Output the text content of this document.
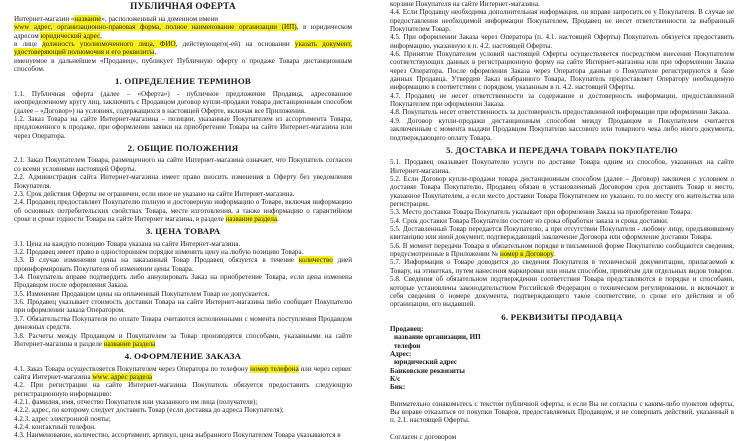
ПУБЛИЧНАЯ ОФЕРТА
Интернет-магазин «название», расположенный на доменном имени
www адрес, организационно-правовая форма, полное наименование организации (ИП), в юридическом адресом юридический адрес,
в лице должность уполномоченного лица, ФИО, действующего(-ей) на основании указать документ, удостоверяющий полномочия и его реквизиты,
именуемое в дальнейшем «Продавец», публикует Публичную оферту о продаже Товара дистанционным способом.
1. ОПРЕДЕЛЕНИЕ ТЕРМИНОВ
1.1. Публичная оферта (далее – «Оферта») - публичное предложение Продавца, адресованное неопределенному кругу лиц, заключить с Продавцом договор купли-продажи товара дистанционным способом (далее – «Договор») на условиях, содержащихся в настоящей Оферте, включая все Приложения.
1.2. Заказ Товара на сайте Интернет-магазина – позиции, указанные Покупателем из ассортимента Товара, предложенного к продаже, при оформлении заявки на приобретение Товара на сайте Интернет-магазина или через Оператора.
2. ОБЩИЕ ПОЛОЖЕНИЯ
2.1. Заказ Покупателем Товара, размещенного на сайте Интернет-магазина означает, что Покупатель согласен со всеми условиями настоящей Оферты.
2.2. Администрация сайта Интернет-магазина имеет право вносить изменения в Оферту без уведомления Покупателя.
2.3. Срок действия Оферты не ограничен, если иное не указано на сайте Интернет-магазина.
2.4. Продавец предоставляет Покупателю полную и достоверную информацию о Товаре, включая информацию об основных потребительских свойствах Товара, месте изготовления, а также информацию о гарантийном сроке и сроке годности Товара на сайте Интернет магазина, в разделе название раздела.
3. ЦЕНА ТОВАРА
3.1. Цена на каждую позицию Товара указана на сайте Интернет-магазина.
3.2. Продавец имеет право в одностороннем порядке изменить цену на любую позицию Товара.
3.3. В случае изменения цены на заказанный Товар Продавец обязуется в течение количество дней проинформировать Покупателя об изменении цены Товара.
3.4. Покупатель вправе подтвердить либо аннулировать Заказ на приобретение Товара, если цена изменена Продавцом после оформления Заказа.
3.5. Изменение Продавцом цены на оплаченный Покупателем Товар не допускается.
3.6. Продавец указывает стоимость доставки Товара на сайте Интернет-магазина либо сообщает Покупателю при оформлении заказа Оператором.
3.7. Обязательства Покупателя по оплате Товара считаются исполненными с момента поступления Продавцом денежных средств.
3.8. Расчеты между Продавцом и Покупателем за Товар производятся способами, указанными на сайте Интернет-магазина в разделе название раздела
4. ОФОРМЛЕНИЕ ЗАКАЗА
4.1. Заказ Товара осуществляется Покупателем через Оператора по телефону номер телефона или через сервис сайта Интернет-магазина www. адрес раздела
4.2. При регистрации на сайте Интернет-магазина Покупатель обязуется предоставить следующую регистрационную информацию:
4.2.1. фамилия, имя, отчество Покупателя или указанного им лица (получателя);
4.2.2. адрес, по которому следует доставить Товар (если доставка до адреса Покупателя);
4.2.3. адрес электронной почты;
4.2.4. контактный телефон.
4.3. Наименование, количество, ассортимент, артикул, цена выбранного Покупателем Товара указываются в
корзине Покупателя на сайте Интернет-магазина.
4.4. Если Продавцу необходима дополнительная информация, он вправе запросить ее у Покупателя. В случае не предоставления необходимой информации Покупателем, Продавец не несет ответственности за выбранный Покупателем Товар.
4.5. При оформлении Заказа через Оператора (п. 4.1. настоящей Оферты) Покупатель обязуется предоставить информацию, указанную в п. 4.2. настоящей Оферты.
4.6. Принятие Покупателем условий настоящей Оферты осуществляется посредством внесения Покупателем соответствующих данных в регистрационную форму на сайте Интернет-магазина или при оформлении Заказа через Оператора. После оформления Заказа через Оператора данные о Покупателе регистрируются в базе данных Продавца. Утвердив Заказ выбранного Товара, Покупатель предоставляет Оператору необходимую информацию в соответствии с порядком, указанным в п. 4.2. настоящей Оферты.
4.7. Продавец не несет ответственности за содержание и достоверность информации, предоставленной Покупателем при оформлении Заказа.
4.8. Покупатель несет ответственность за достоверность предоставленной информации при оформлении Заказа.
4.9. Договор купли-продажи дистанционным способом между Продавцом и Покупателем считается заключенным с момента выдачи Продавцом Покупателю кассового или товарного чека либо иного документа, подтверждающего оплату Товара.
5. ДОСТАВКА И ПЕРЕДАЧА ТОВАРА ПОКУПАТЕЛЮ
5.1. Продавец оказывает Покупателю услуги по доставке Товара одним из способов, указанных на сайте Интернет-магазина.
5.2. Если Договор купли-продажи товара дистанционным способом (далее – Договор) заключен с условием о доставке Товара Покупателю, Продавец обязан в установленный Договором срок доставить Товар в место, указанное Покупателем, а если место доставки Товара Покупателем не указано, то по месту его жительства или регистрации.
5.3. Место доставки Товара Покупатель указывает при оформлении Заказа на приобретение Товара.
5.4. Срок доставки Товара Покупателю состоит из срока обработки заказа и срока доставки.
5.5. Доставленный Товар передается Покупателю, а при отсутствии Покупателя - любому лицу, предъявившему квитанцию или иной документ, подтверждающий заключение Договора или оформление доставки Товара.
5.6. В момент передачи Товара в обязательном порядке в письменной форме Покупателю сообщаются сведения, предусмотренные в Приложении № номер к Договору.
5.7. Информация о Товаре доводится до сведения Покупателя в технической документации, прилагаемой к Товару, на этикетках, путем нанесения маркировки или иным способом, принятым для отдельных видов товаров.
5.8. Сведения об обязательном подтверждении соответствия Товара представляются в порядке и способами, которые установлены законодательством Российской Федерации о техническом регулировании, и включают в себя сведения о номере документа, подтверждающего такое соответствие, о сроке его действия и об организации, его выдавшей.
6. РЕКВИЗИТЫ ПРОДАВЦА
Продавец:
название организации, ИП
телефон
Адрес:
юридический адрес
Банковские реквизиты
К/с
Бик:
Внимательно ознакомьтесь с текстом публичной оферты, и если Вы не согласны с каким-либо пунктом оферты, Вы вправе отказаться от покупки Товаров, предоставляемых Продавцом, и не совершать действий, указанный в п. 2.1. настоящей Оферты.
Согласен с договором
